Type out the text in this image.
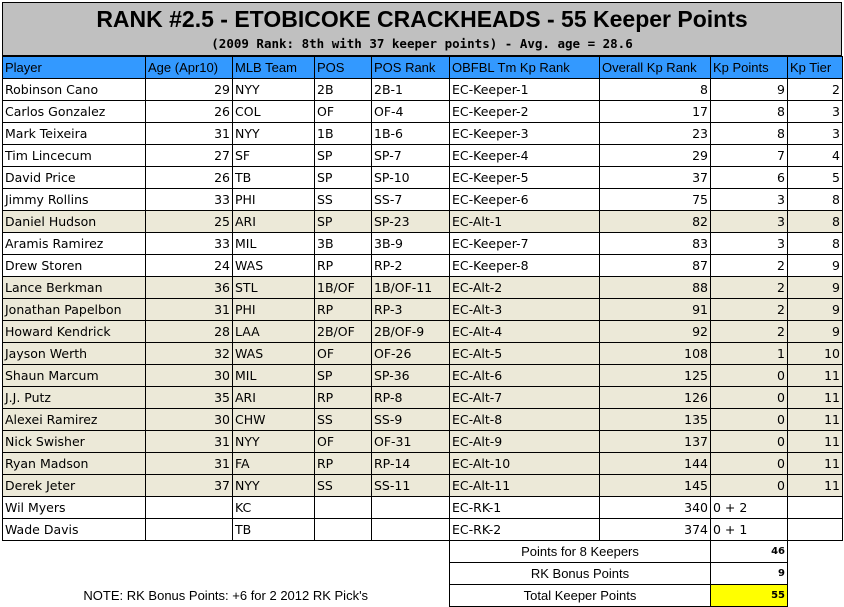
RANK #2.5 - ETOBICOKE CRACKHEADS - 55 Keeper Points
(2009 Rank: 8th with 37 keeper points) - Avg. age = 28.6
Player	Age (Apr10)	MLB Team	POS	POS Rank	OBFBL Tm Kp Rank	Overall Kp Rank	Kp Points	Kp Tier
Robinson Cano	29	NYY	2B	2B-1	EC-Keeper-1	8	9	2
Carlos Gonzalez	26	COL	OF	OF-4	EC-Keeper-2	17	8	3
Mark Teixeira	31	NYY	1B	1B-6	EC-Keeper-3	23	8	3
Tim Lincecum	27	SF	SP	SP-7	EC-Keeper-4	29	7	4
David Price	26	TB	SP	SP-10	EC-Keeper-5	37	6	5
Jimmy Rollins	33	PHI	SS	SS-7	EC-Keeper-6	75	3	8
Daniel Hudson	25	ARI	SP	SP-23	EC-Alt-1	82	3	8
Aramis Ramirez	33	MIL	3B	3B-9	EC-Keeper-7	83	3	8
Drew Storen	24	WAS	RP	RP-2	EC-Keeper-8	87	2	9
Lance Berkman	36	STL	1B/OF	1B/OF-11	EC-Alt-2	88	2	9
Jonathan Papelbon	31	PHI	RP	RP-3	EC-Alt-3	91	2	9
Howard Kendrick	28	LAA	2B/OF	2B/OF-9	EC-Alt-4	92	2	9
Jayson Werth	32	WAS	OF	OF-26	EC-Alt-5	108	1	10
Shaun Marcum	30	MIL	SP	SP-36	EC-Alt-6	125	0	11
J.J. Putz	35	ARI	RP	RP-8	EC-Alt-7	126	0	11
Alexei Ramirez	30	CHW	SS	SS-9	EC-Alt-8	135	0	11
Nick Swisher	31	NYY	OF	OF-31	EC-Alt-9	137	0	11
Ryan Madson	31	FA	RP	RP-14	EC-Alt-10	144	0	11
Derek Jeter	37	NYY	SS	SS-11	EC-Alt-11	145	0	11
Wil Myers		KC			EC-RK-1	340	0 + 2	
Wade Davis		TB			EC-RK-2	374	0 + 1	
					Points for 8 Keepers		46	
					RK Bonus Points		9	
NOTE: RK Bonus Points: +6 for 2 2012 RK Pick's					Total Keeper Points		55	
